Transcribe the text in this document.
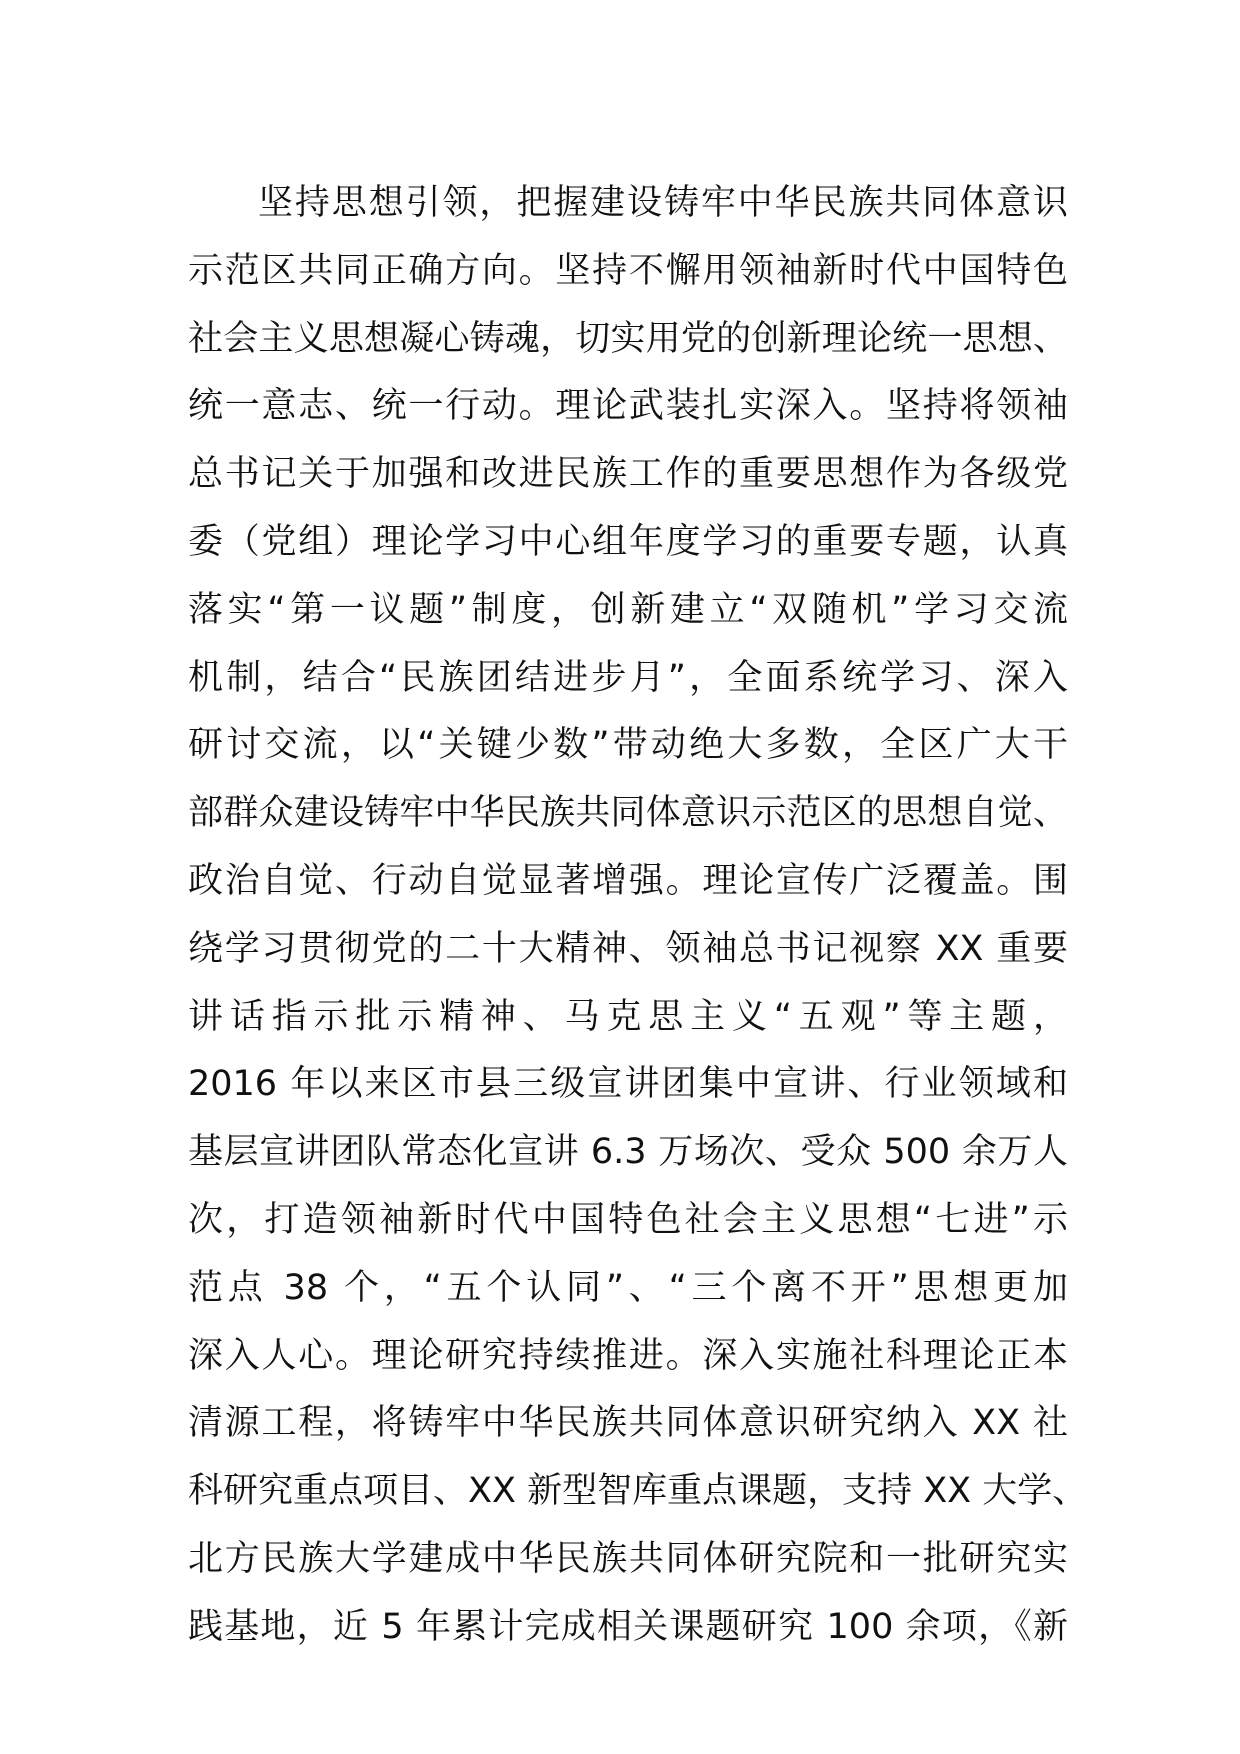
坚持思想引领，把握建设铸牢中华民族共同体意识
示范区共同正确方向。坚持不懈用领袖新时代中国特色
社会主义思想凝心铸魂，切实用党的创新理论统一思想、
统一意志、统一行动。理论武装扎实深入。坚持将领袖
总书记关于加强和改进民族工作的重要思想作为各级党
委（党组）理论学习中心组年度学习的重要专题，认真
落实“第一议题”制度，创新建立“双随机”学习交流
机制，结合“民族团结进步月”，全面系统学习、深入
研讨交流，以“关键少数”带动绝大多数，全区广大干
部群众建设铸牢中华民族共同体意识示范区的思想自觉、
政治自觉、行动自觉显著增强。理论宣传广泛覆盖。围
绕学习贯彻党的二十大精神、领袖总书记视察 XX 重要
讲话指示批示精神、马克思主义“五观”等主题，
2016 年以来区市县三级宣讲团集中宣讲、行业领域和
基层宣讲团队常态化宣讲 6.3 万场次、受众 500 余万人
次，打造领袖新时代中国特色社会主义思想“七进”示
范点 38 个，“五个认同”、“三个离不开”思想更加
深入人心。理论研究持续推进。深入实施社科理论正本
清源工程，将铸牢中华民族共同体意识研究纳入 XX 社
科研究重点项目、XX 新型智库重点课题，支持 XX 大学、
北方民族大学建成中华民族共同体研究院和一批研究实
践基地，近 5 年累计完成相关课题研究 100 余项，《新
